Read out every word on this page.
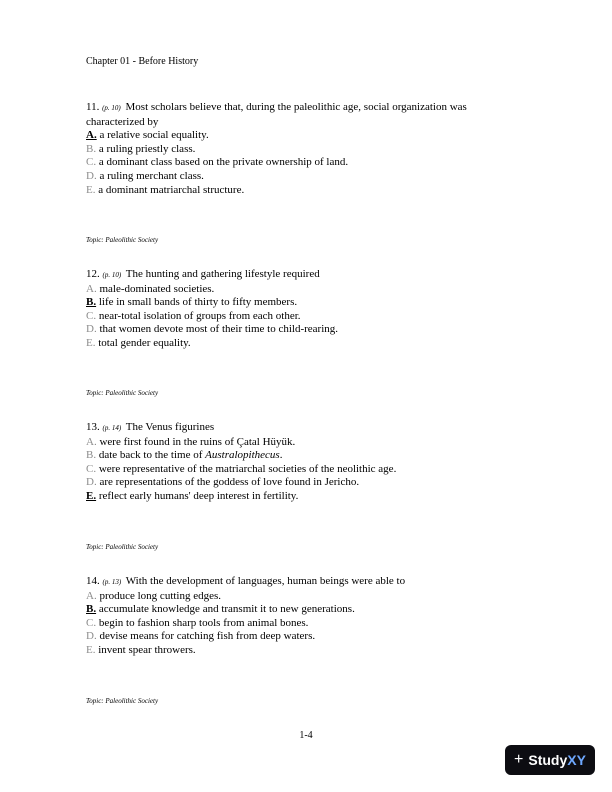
Chapter 01 - Before History

11. (p. 10) Most scholars believe that, during the paleolithic age, social organization was characterized by

A. a relative social equality.

B. a ruling priestly class.

C. a dominant class based on the private ownership of land.

D. a ruling merchant class.

E. a dominant matriarchal structure.

Topic: Paleolithic Society

12. (p. 10) The hunting and gathering lifestyle required

A. male-dominated societies.

B. life in small bands of thirty to fifty members.

C. near-total isolation of groups from each other.

D. that women devote most of their time to child-rearing.

E. total gender equality.

Topic: Paleolithic Society

13. (p. 14) The Venus figurines

A. were first found in the ruins of Çatal Hüyük.

B. date back to the time of Australopithecus.

C. were representative of the matriarchal societies of the neolithic age.

D. are representations of the goddess of love found in Jericho.

E. reflect early humans' deep interest in fertility.

Topic: Paleolithic Society

14. (p. 13) With the development of languages, human beings were able to

A. produce long cutting edges.

B. accumulate knowledge and transmit it to new generations.

C. begin to fashion sharp tools from animal bones.

D. devise means for catching fish from deep waters.

E. invent spear throwers.

Topic: Paleolithic Society
1-4
+ StudyXY
